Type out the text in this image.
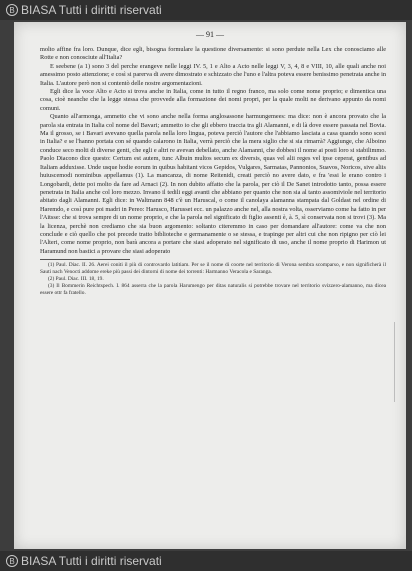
B BIASA Tutti i diritti riservati
— 91 —

molto affine fra loro. Dunque, dice egli, bisogna formulare la questione diversamente: si sono perdute nella Lex che conosciamo alle Rotte e non conosciute all'Italia?

E seebene (a 1) sono 3 del perche erangeve nelle leggi IV. 5, 1 e Alto a Acto nelle leggi V, 3, 4, 8 e VIII, 10, alle quali anche noi amessimo posto attenzione; e così si parerva di avere dimostrato e schizzato che l'uno e l'altra poteva essere benissimo penetrata anche in Italia. L'autore però non si contentò delle nostre argomentazioni.

Egli dice la voce Alto e Acto si trova anche in Italia, come in tutto il regno franco, ma solo come nome proprio; e dimentica una cosa, cioè neanche che la legge stessa che provvede alla formazione dei nomi propri, per la quale molti ne derivano appunto da nomi comuni.

Quanto all'armonga, ammetto che vi sono anche nella forma anglosassone harmungemees: ma dice: non è ancora provato che la parola sia entrata in Italia col nome del Bavari; ammetto io che gli ebbero traccia tra gli Alamanni, e di là dove essere passata nel Bovia. Ma il grosso, se i Bavari avevano quella parola nella loro lingua, poteva perciò l'autore che l'abbiamo lasciata a casa quando sono scesi in Italia? e se l'hanno portata con sé quando calarono in Italia, verrà perciò che la mera siglio che si sia rimarrà? Aggiunge, che Alboino conduce seco molti di diverse genti, che egli e altri re avevan debellato, anche Alamanni, che dobbesi il nome ai posti loro si stabilimmo. Paolo Diacono dice questo: Certum est autem, tunc Albuin multos secum ex diversis, quas vel alii reges vel ipse ceperat, gentibus ad Italiam adduxisse. Unde usque hodie eorum in quibus habitant vicos Gepidos, Vulgares, Sarmatas, Pannonios, Suavos, Noricos, sive aliis huiuscemodi nominibus appellamus (1). La mancanza, di nome Reitenidi, creati perciò no avere dato, e fra 'essi le erano contro i Longobardi, dette poi molto da fare ad Arnaci (2). In non dubito affatto che la parola, per ciò il De Sanet introdotto tanto, possa essere penetrata in Italia anche col loro mezzo. Invano il tedili eggi avanti che abbiano per quanto che non sia al tanto assomiviole nel territorio abitato dagli Alamanni. Egli dice: in Waltmann 848 c'è un Haruscal, o come il canolaya alamanna stampata dal Goldast nel ordine di Haremdo, e così pure poi madri in Pereo: Harusco, Harusset ecc. un palazzo anche nel, alla nostra volta, osserviamo come ha fatto in per l'Aitsse: che si trova sempre di un nome proprio, e che la parola nel significato di figlio assenti è, à. 5, sì conservata non si trovi (3). Ma la licenza, perchè non crediamo che sia buon argomento: soltanto citeremmo in caso per domandare all'autore: come va che non conclude e ciò quello che poi precede tratto biblioteche e germanamente o se stessa, e trapinge per altri cui che non ripigno per ciò lei l'Alteri, come nome proprio, non barà ancora a portare che siasi adoperato nel significato di uso, anche il nome proprio di Harimon ut Haramund non bastici a provare che siasi adoperato

(1) Paul. Diac. II. 26. Aerei coniti il più di controvardo latitiam. Per se il nome di coorte nel territorio di Verona sembra scomparso, e non significherà il Sauti nach Venocti addome ereke più passi dei dintorni di nome dei torrenti: Harmanno Veracola e Saranga.
(2) Paul. Diac. III. 18, 19.
(3) Il Bommerin Reichtspech. I. 864 asserra che la parola Harumengo per ditas naturalis si potrebbe trovare nel territorio svizzero-alamanno, ma dicea essere ottr fa fratello.
B BIASA Tutti i diritti riservati
